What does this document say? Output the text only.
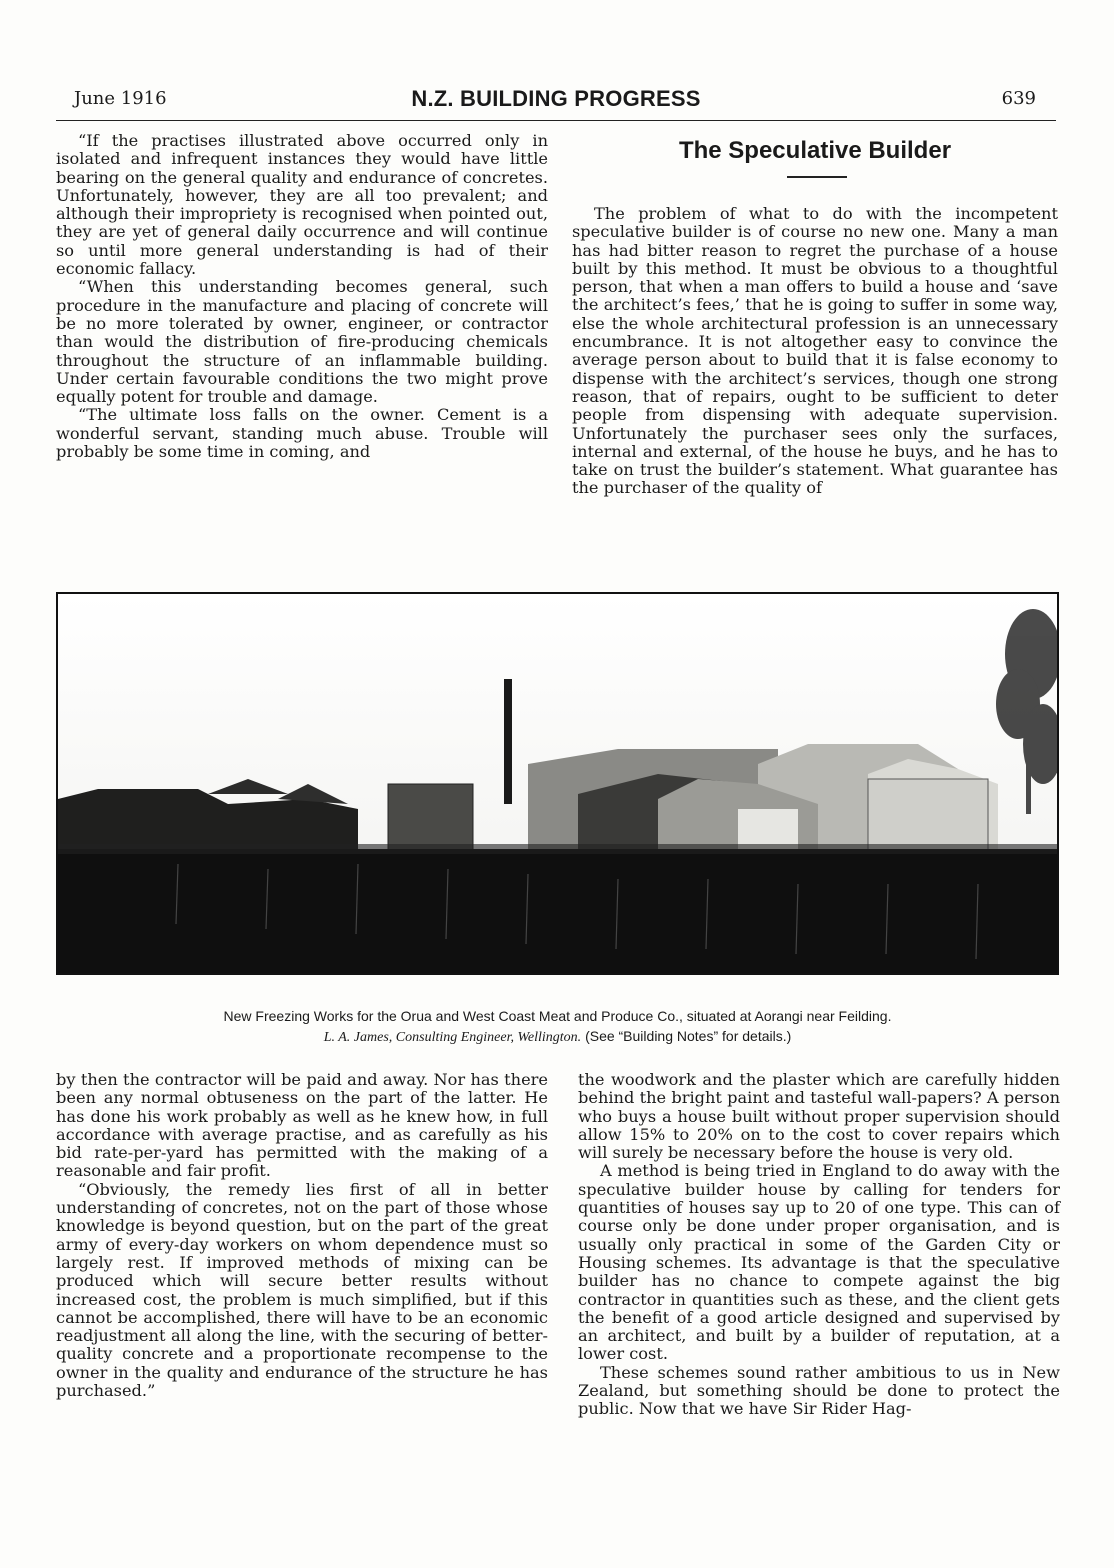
June 1916	N.Z. BUILDING PROGRESS	639

“If the practises illustrated above occurred only in isolated and infrequent instances they would have little bearing on the general quality and endurance of concretes. Unfortunately, however, they are all too prevalent; and although their impropriety is recognised when pointed out, they are yet of general daily occurrence and will continue so until more general understanding is had of their economic fallacy.

“When this understanding becomes general, such procedure in the manufacture and placing of concrete will be no more tolerated by owner, engineer, or contractor than would the distribution of fire-producing chemicals throughout the structure of an inflammable building. Under certain favourable conditions the two might prove equally potent for trouble and damage.

“The ultimate loss falls on the owner. Cement is a wonderful servant, standing much abuse. Trouble will probably be some time in coming, and

The Speculative Builder

The problem of what to do with the incompetent speculative builder is of course no new one. Many a man has had bitter reason to regret the purchase of a house built by this method. It must be obvious to a thoughtful person, that when a man offers to build a house and ‘save the architect’s fees,’ that he is going to suffer in some way, else the whole architectural profession is an unnecessary encumbrance. It is not altogether easy to convince the average person about to build that it is false economy to dispense with the architect’s services, though one strong reason, that of repairs, ought to be sufficient to deter people from dispensing with adequate supervision. Unfortunately the purchaser sees only the surfaces, internal and external, of the house he buys, and he has to take on trust the builder’s statement. What guarantee has the purchaser of the quality of

New Freezing Works for the Orua and West Coast Meat and Produce Co., situated at Aorangi near Feilding.
L. A. James, Consulting Engineer, Wellington. (See “Building Notes” for details.)

by then the contractor will be paid and away. Nor has there been any normal obtuseness on the part of the latter. He has done his work probably as well as he knew how, in full accordance with average practise, and as carefully as his bid rate-per-yard has permitted with the making of a reasonable and fair profit.

“Obviously, the remedy lies first of all in better understanding of concretes, not on the part of those whose knowledge is beyond question, but on the part of the great army of every-day workers on whom dependence must so largely rest. If improved methods of mixing can be produced which will secure better results without increased cost, the problem is much simplified, but if this cannot be accomplished, there will have to be an economic readjustment all along the line, with the securing of better-quality concrete and a proportionate recompense to the owner in the quality and endurance of the structure he has purchased.”

the woodwork and the plaster which are carefully hidden behind the bright paint and tasteful wall-papers? A person who buys a house built without proper supervision should allow 15% to 20% on to the cost to cover repairs which will surely be necessary before the house is very old.

A method is being tried in England to do away with the speculative builder house by calling for tenders for quantities of houses say up to 20 of one type. This can of course only be done under proper organisation, and is usually only practical in some of the Garden City or Housing schemes. Its advantage is that the speculative builder has no chance to compete against the big contractor in quantities such as these, and the client gets the benefit of a good article designed and supervised by an architect, and built by a builder of reputation, at a lower cost.

These schemes sound rather ambitious to us in New Zealand, but something should be done to protect the public. Now that we have Sir Rider Hag-
